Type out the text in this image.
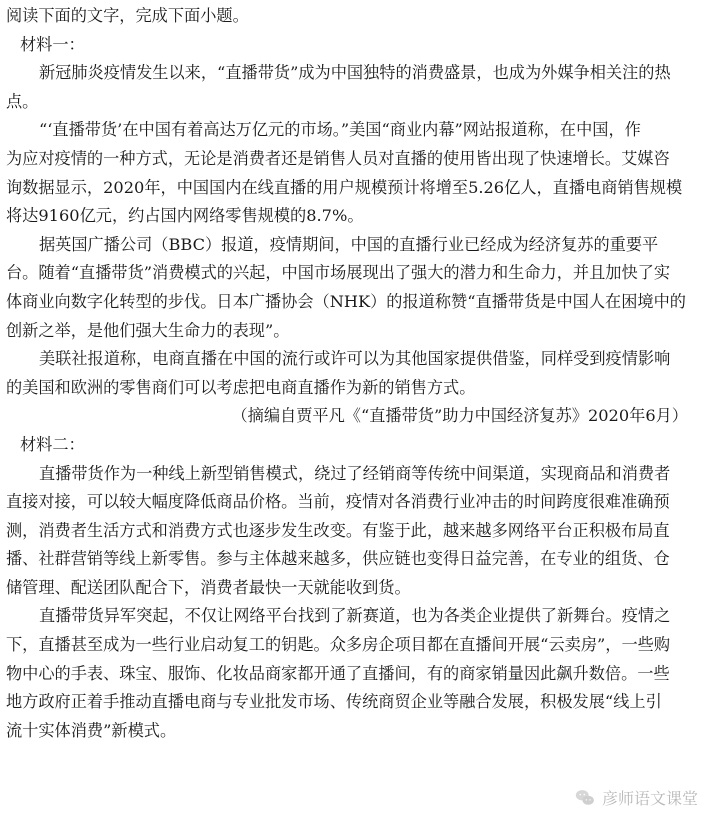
阅读下面的文字，完成下面小题。

材料一：

新冠肺炎疫情发生以来，“直播带货”成为中国独特的消费盛景，也成为外媒争相关注的热

点。

“‘直播带货’在中国有着高达万亿元的市场。”美国“商业内幕”网站报道称，在中国，作

为应对疫情的一种方式，无论是消费者还是销售人员对直播的使用皆出现了快速增长。艾媒咨

询数据显示，2020年，中国国内在线直播的用户规模预计将增至5.26亿人，直播电商销售规模

将达9160亿元，约占国内网络零售规模的8.7%。

据英国广播公司（BBC）报道，疫情期间，中国的直播行业已经成为经济复苏的重要平

台。随着“直播带货”消费模式的兴起，中国市场展现出了强大的潜力和生命力，并且加快了实

体商业向数字化转型的步伐。日本广播协会（NHK）的报道称赞“直播带货是中国人在困境中的

创新之举，是他们强大生命力的表现”。

美联社报道称，电商直播在中国的流行或许可以为其他国家提供借鉴，同样受到疫情影响

的美国和欧洲的零售商们可以考虑把电商直播作为新的销售方式。

（摘编自贾平凡《“直播带货”助力中国经济复苏》2020年6月）

材料二：

直播带货作为一种线上新型销售模式，绕过了经销商等传统中间渠道，实现商品和消费者

直接对接，可以较大幅度降低商品价格。当前，疫情对各消费行业冲击的时间跨度很难准确预

测，消费者生活方式和消费方式也逐步发生改变。有鉴于此，越来越多网络平台正积极布局直

播、社群营销等线上新零售。参与主体越来越多，供应链也变得日益完善，在专业的组货、仓

储管理、配送团队配合下，消费者最快一天就能收到货。

直播带货异军突起，不仅让网络平台找到了新赛道，也为各类企业提供了新舞台。疫情之

下，直播甚至成为一些行业启动复工的钥匙。众多房企项目都在直播间开展“云卖房”，一些购

物中心的手表、珠宝、服饰、化妆品商家都开通了直播间，有的商家销量因此飙升数倍。一些

地方政府正着手推动直播电商与专业批发市场、传统商贸企业等融合发展，积极发展“线上引

流十实体消费”新模式。

彦师语文课堂
